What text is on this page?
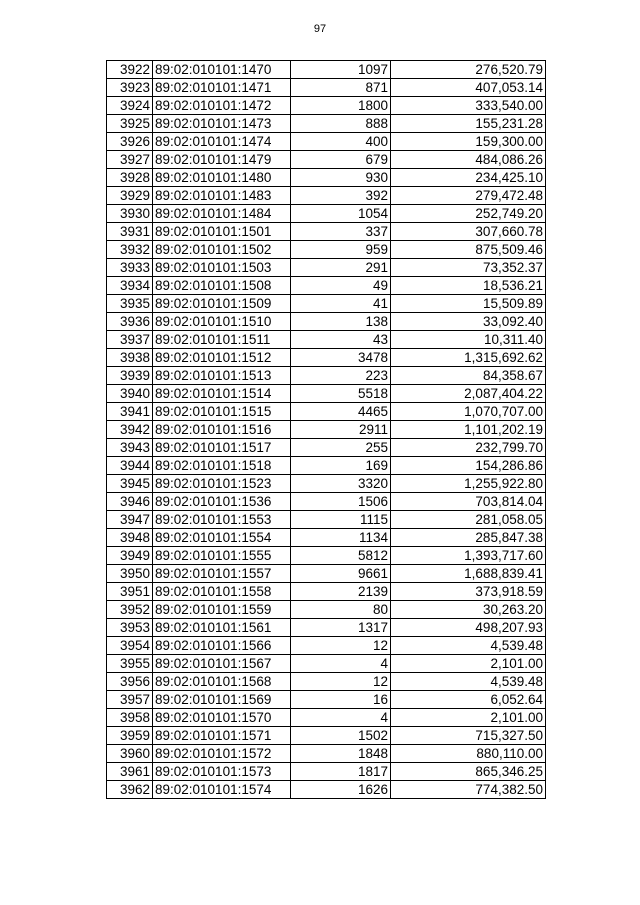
97
3922	89:02:010101:1470	1097	276,520.79
3923	89:02:010101:1471	871	407,053.14
3924	89:02:010101:1472	1800	333,540.00
3925	89:02:010101:1473	888	155,231.28
3926	89:02:010101:1474	400	159,300.00
3927	89:02:010101:1479	679	484,086.26
3928	89:02:010101:1480	930	234,425.10
3929	89:02:010101:1483	392	279,472.48
3930	89:02:010101:1484	1054	252,749.20
3931	89:02:010101:1501	337	307,660.78
3932	89:02:010101:1502	959	875,509.46
3933	89:02:010101:1503	291	73,352.37
3934	89:02:010101:1508	49	18,536.21
3935	89:02:010101:1509	41	15,509.89
3936	89:02:010101:1510	138	33,092.40
3937	89:02:010101:1511	43	10,311.40
3938	89:02:010101:1512	3478	1,315,692.62
3939	89:02:010101:1513	223	84,358.67
3940	89:02:010101:1514	5518	2,087,404.22
3941	89:02:010101:1515	4465	1,070,707.00
3942	89:02:010101:1516	2911	1,101,202.19
3943	89:02:010101:1517	255	232,799.70
3944	89:02:010101:1518	169	154,286.86
3945	89:02:010101:1523	3320	1,255,922.80
3946	89:02:010101:1536	1506	703,814.04
3947	89:02:010101:1553	1115	281,058.05
3948	89:02:010101:1554	1134	285,847.38
3949	89:02:010101:1555	5812	1,393,717.60
3950	89:02:010101:1557	9661	1,688,839.41
3951	89:02:010101:1558	2139	373,918.59
3952	89:02:010101:1559	80	30,263.20
3953	89:02:010101:1561	1317	498,207.93
3954	89:02:010101:1566	12	4,539.48
3955	89:02:010101:1567	4	2,101.00
3956	89:02:010101:1568	12	4,539.48
3957	89:02:010101:1569	16	6,052.64
3958	89:02:010101:1570	4	2,101.00
3959	89:02:010101:1571	1502	715,327.50
3960	89:02:010101:1572	1848	880,110.00
3961	89:02:010101:1573	1817	865,346.25
3962	89:02:010101:1574	1626	774,382.50
